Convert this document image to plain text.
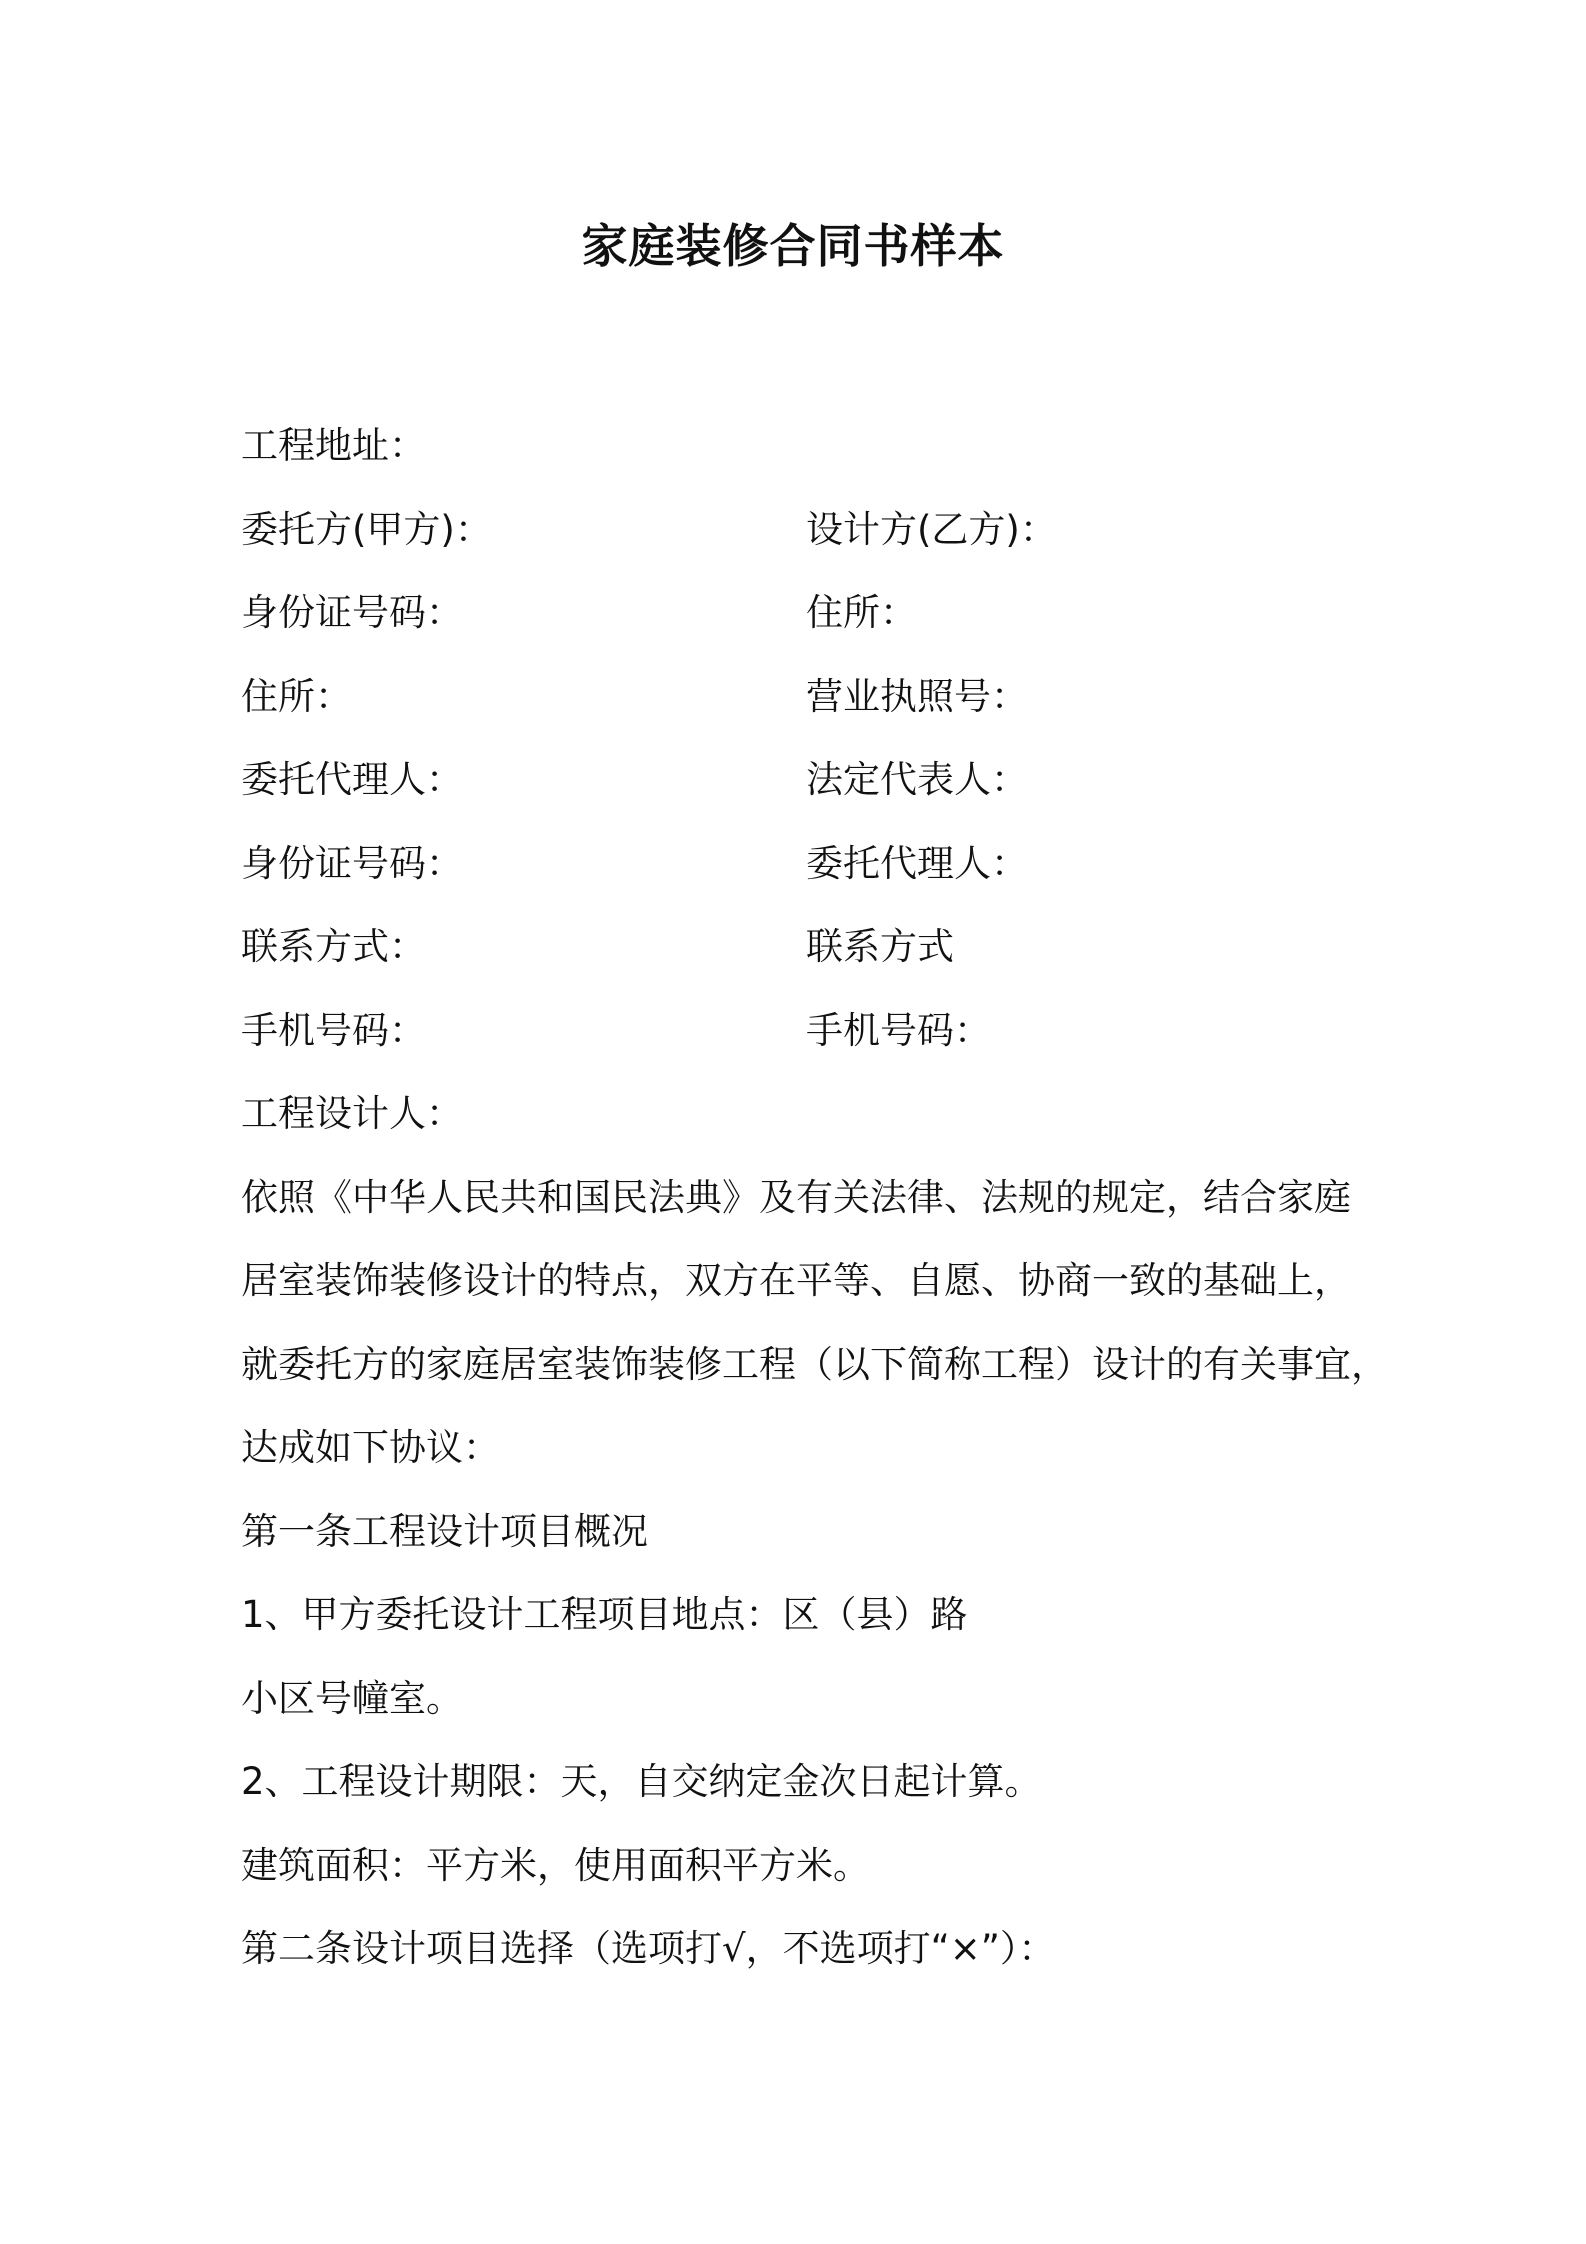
家庭装修合同书样本
工程地址：
委托方(甲方)：	设计方(乙方)：
身份证号码：	住所：
住所：	营业执照号：
委托代理人：	法定代表人：
身份证号码：	委托代理人：
联系方式：	联系方式
手机号码：	手机号码：
工程设计人：
依照《中华人民共和国民法典》及有关法律、法规的规定，结合家庭
居室装饰装修设计的特点，双方在平等、自愿、协商一致的基础上，
就委托方的家庭居室装饰装修工程（以下简称工程）设计的有关事宜，
达成如下协议：
第一条工程设计项目概况
1、甲方委托设计工程项目地点：区（县）路
小区号幢室。
2、工程设计期限：天，自交纳定金次日起计算。
建筑面积：平方米，使用面积平方米。
第二条设计项目选择（选项打√，不选项打“×”）：
